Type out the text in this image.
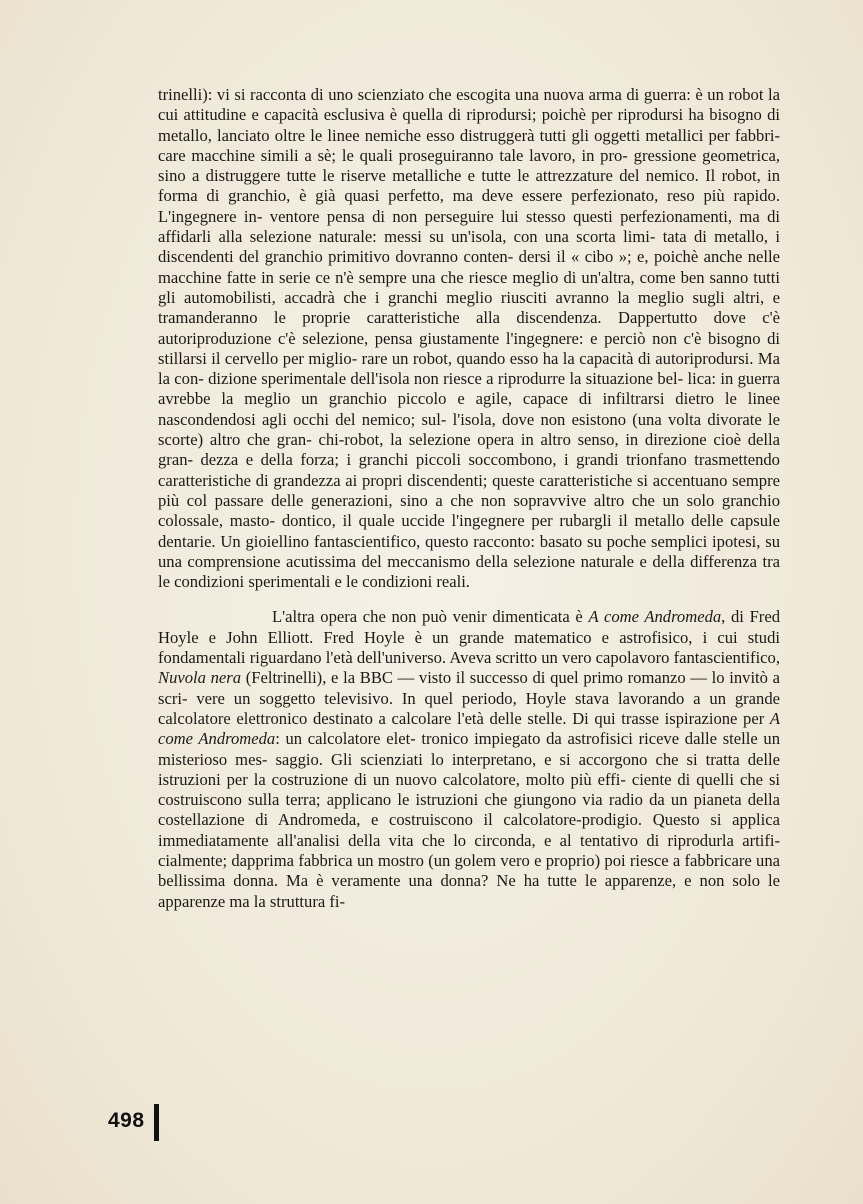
trinelli): vi si racconta di uno scienziato che escogita una nuova arma di guerra: è un robot la cui attitudine e capacità esclusiva è quella di riprodursi; poichè per riprodursi ha bisogno di metallo, lanciato oltre le linee nemiche esso distruggerà tutti gli oggetti metallici per fabbri- care macchine simili a sè; le quali proseguiranno tale lavoro, in pro- gressione geometrica, sino a distruggere tutte le riserve metalliche e tutte le attrezzature del nemico. Il robot, in forma di granchio, è già quasi perfetto, ma deve essere perfezionato, reso più rapido. L'ingegnere in- ventore pensa di non perseguire lui stesso questi perfezionamenti, ma di affidarli alla selezione naturale: messi su un'isola, con una scorta limi- tata di metallo, i discendenti del granchio primitivo dovranno conten- dersi il « cibo »; e, poichè anche nelle macchine fatte in serie ce n'è sempre una che riesce meglio di un'altra, come ben sanno tutti gli automobilisti, accadrà che i granchi meglio riusciti avranno la meglio sugli altri, e tramanderanno le proprie caratteristiche alla discendenza. Dappertutto dove c'è autoriproduzione c'è selezione, pensa giustamente l'ingegnere: e perciò non c'è bisogno di stillarsi il cervello per miglio- rare un robot, quando esso ha la capacità di autoriprodursi. Ma la con- dizione sperimentale dell'isola non riesce a riprodurre la situazione bel- lica: in guerra avrebbe la meglio un granchio piccolo e agile, capace di infiltrarsi dietro le linee nascondendosi agli occhi del nemico; sul- l'isola, dove non esistono (una volta divorate le scorte) altro che gran- chi-robot, la selezione opera in altro senso, in direzione cioè della gran- dezza e della forza; i granchi piccoli soccombono, i grandi trionfano trasmettendo caratteristiche di grandezza ai propri discendenti; queste caratteristiche si accentuano sempre più col passare delle generazioni, sino a che non sopravvive altro che un solo granchio colossale, masto- dontico, il quale uccide l'ingegnere per rubargli il metallo delle capsule dentarie. Un gioiellino fantascientifico, questo racconto: basato su poche semplici ipotesi, su una comprensione acutissima del meccanismo della selezione naturale e della differenza tra le condizioni sperimentali e le condizioni reali.

L'altra opera che non può venir dimenticata è A come Andromeda, di Fred Hoyle e John Elliott. Fred Hoyle è un grande matematico e astrofisico, i cui studi fondamentali riguardano l'età dell'universo. Aveva scritto un vero capolavoro fantascientifico, Nuvola nera (Feltrinelli), e la BBC — visto il successo di quel primo romanzo — lo invitò a scri- vere un soggetto televisivo. In quel periodo, Hoyle stava lavorando a un grande calcolatore elettronico destinato a calcolare l'età delle stelle. Di qui trasse ispirazione per A come Andromeda: un calcolatore elet- tronico impiegato da astrofisici riceve dalle stelle un misterioso mes- saggio. Gli scienziati lo interpretano, e si accorgono che si tratta delle istruzioni per la costruzione di un nuovo calcolatore, molto più effi- ciente di quelli che si costruiscono sulla terra; applicano le istruzioni che giungono via radio da un pianeta della costellazione di Andromeda, e costruiscono il calcolatore-prodigio. Questo si applica immediatamente all'analisi della vita che lo circonda, e al tentativo di riprodurla artifi- cialmente; dapprima fabbrica un mostro (un golem vero e proprio) poi riesce a fabbricare una bellissima donna. Ma è veramente una donna? Ne ha tutte le apparenze, e non solo le apparenze ma la struttura fi-

498
